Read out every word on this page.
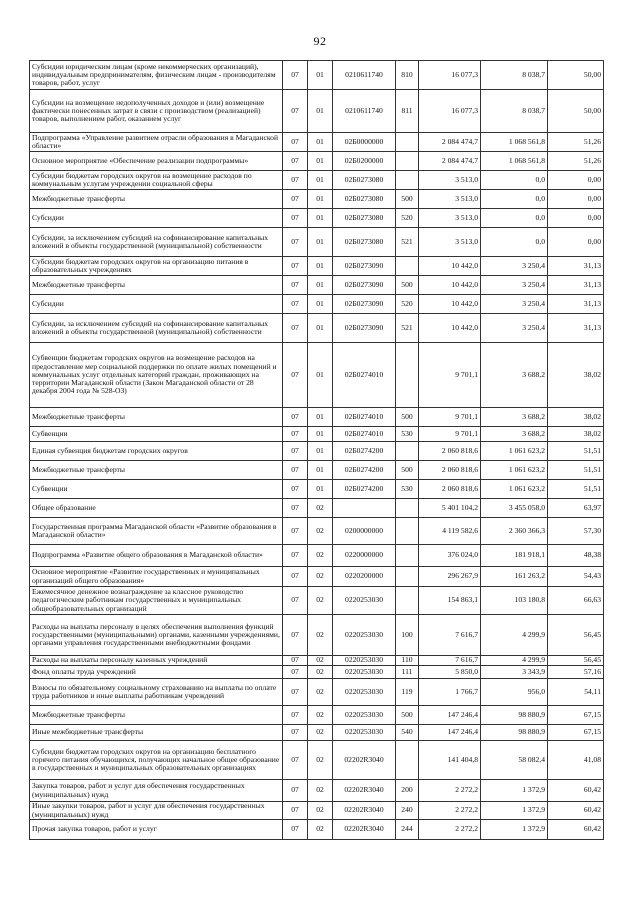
92
Субсидии юридическим лицам (кроме некоммерческих организаций), индивидуальным предпринимателям, физическим лицам - производителям товаров, работ, услуг	07	01	0210611740	810	16 077,3	8 038,7	50,00
Субсидии на возмещение недополученных доходов и (или) возмещение фактически понесенных затрат в связи с производством (реализацией) товаров, выполнением работ, оказанием услуг	07	01	0210611740	811	16 077,3	8 038,7	50,00
Подпрограмма «Управление развитием отрасли образования в Магаданской области»	07	01	02Б0000000		2 084 474,7	1 068 561,8	51,26
Основное мероприятие «Обеспечение реализации подпрограммы»	07	01	02Б0200000		2 084 474,7	1 068 561,8	51,26
Субсидии бюджетам городских округов на возмещение расходов по коммунальным услугам учреждении социальной сферы	07	01	02Б0273080		3 513,0	0,0	0,00
Межбюджетные трансферты	07	01	02Б0273080	500	3 513,0	0,0	0,00
Субсидии	07	01	02Б0273080	520	3 513,0	0,0	0,00
Субсидии, за исключением субсидий на софинансирование капитальных вложений в объекты государственной (муниципальной) собственности	07	01	02Б0273080	521	3 513,0	0,0	0,00
Субсидии бюджетам городских округов на организацию питания в образовательных учреждениях	07	01	02Б0273090		10 442,0	3 250,4	31,13
Межбюджетные трансферты	07	01	02Б0273090	500	10 442,0	3 250,4	31,13
Субсидии	07	01	02Б0273090	520	10 442,0	3 250,4	31,13
Субсидии, за исключением субсидий на софинансирование капитальных вложений в объекты государственной (муниципальной) собственности	07	01	02Б0273090	521	10 442,0	3 250,4	31,13
Субвенции бюджетам городских округов на возмещение расходов на предоставление мер социальной поддержки по оплате жилых помещений и коммунальных услуг отдельных категорий граждан, проживающих на территории Магаданской области (Закон Магаданской области от 28 декабря 2004 года № 528-ОЗ)	07	01	02Б0274010		9 701,1	3 688,2	38,02
Межбюджетные трансферты	07	01	02Б0274010	500	9 701,1	3 688,2	38,02
Субвенции	07	01	02Б0274010	530	9 701,1	3 688,2	38,02
Единая субвенция бюджетам городских округов	07	01	02Б0274200		2 060 818,6	1 061 623,2	51,51
Межбюджетные трансферты	07	01	02Б0274200	500	2 060 818,6	1 061 623,2	51,51
Субвенции	07	01	02Б0274200	530	2 060 818,6	1 061 623,2	51,51
Общее образование	07	02			5 401 104,2	3 455 058,0	63,97
Государственная программа Магаданской области «Развитие образования в Магаданской области»	07	02	0200000000		4 119 582,6	2 360 366,3	57,30
Подпрограмма «Развитие общего образования в Магаданской области»	07	02	0220000000		376 024,0	181 918,1	48,38
Основное мероприятие «Развитие государственных и муниципальных организаций общего образования»	07	02	0220200000		296 267,9	161 263,2	54,43
Ежемесячное денежное вознаграждение за классное руководство педагогическим работникам государственных и муниципальных общеобразовательных организаций	07	02	0220253030		154 863,1	103 180,8	66,63
Расходы на выплаты персоналу в целях обеспечения выполнения функций государственными (муниципальными) органами, казенными учреждениями, органами управления государственными внебюджетными фондами	07	02	0220253030	100	7 616,7	4 299,9	56,45
Расходы на выплаты персоналу казенных учреждений	07	02	0220253030	110	7 616,7	4 299,9	56,45
Фонд оплаты труда учреждений	07	02	0220253030	111	5 850,0	3 343,9	57,16
Взносы по обязательному социальному страхованию на выплаты по оплате труда работников и иные выплаты работникам учреждений	07	02	0220253030	119	1 766,7	956,0	54,11
Межбюджетные трансферты	07	02	0220253030	500	147 246,4	98 880,9	67,15
Иные межбюджетные трансферты	07	02	0220253030	540	147 246,4	98 880,9	67,15
Субсидии бюджетам городских округов на организацию бесплатного горячего питания обучающихся, получающих начальное общее образование в государственных и муниципальных образовательных организациях	07	02	02202R3040		141 404,8	58 082,4	41,08
Закупка товаров, работ и услуг для обеспечения государственных (муниципальных) нужд	07	02	02202R3040	200	2 272,2	1 372,9	60,42
Иные закупки товаров, работ и услуг для обеспечения государственных (муниципальных) нужд	07	02	02202R3040	240	2 272,2	1 372,9	60,42
Прочая закупка товаров, работ и услуг	07	02	02202R3040	244	2 272,2	1 372,9	60,42
